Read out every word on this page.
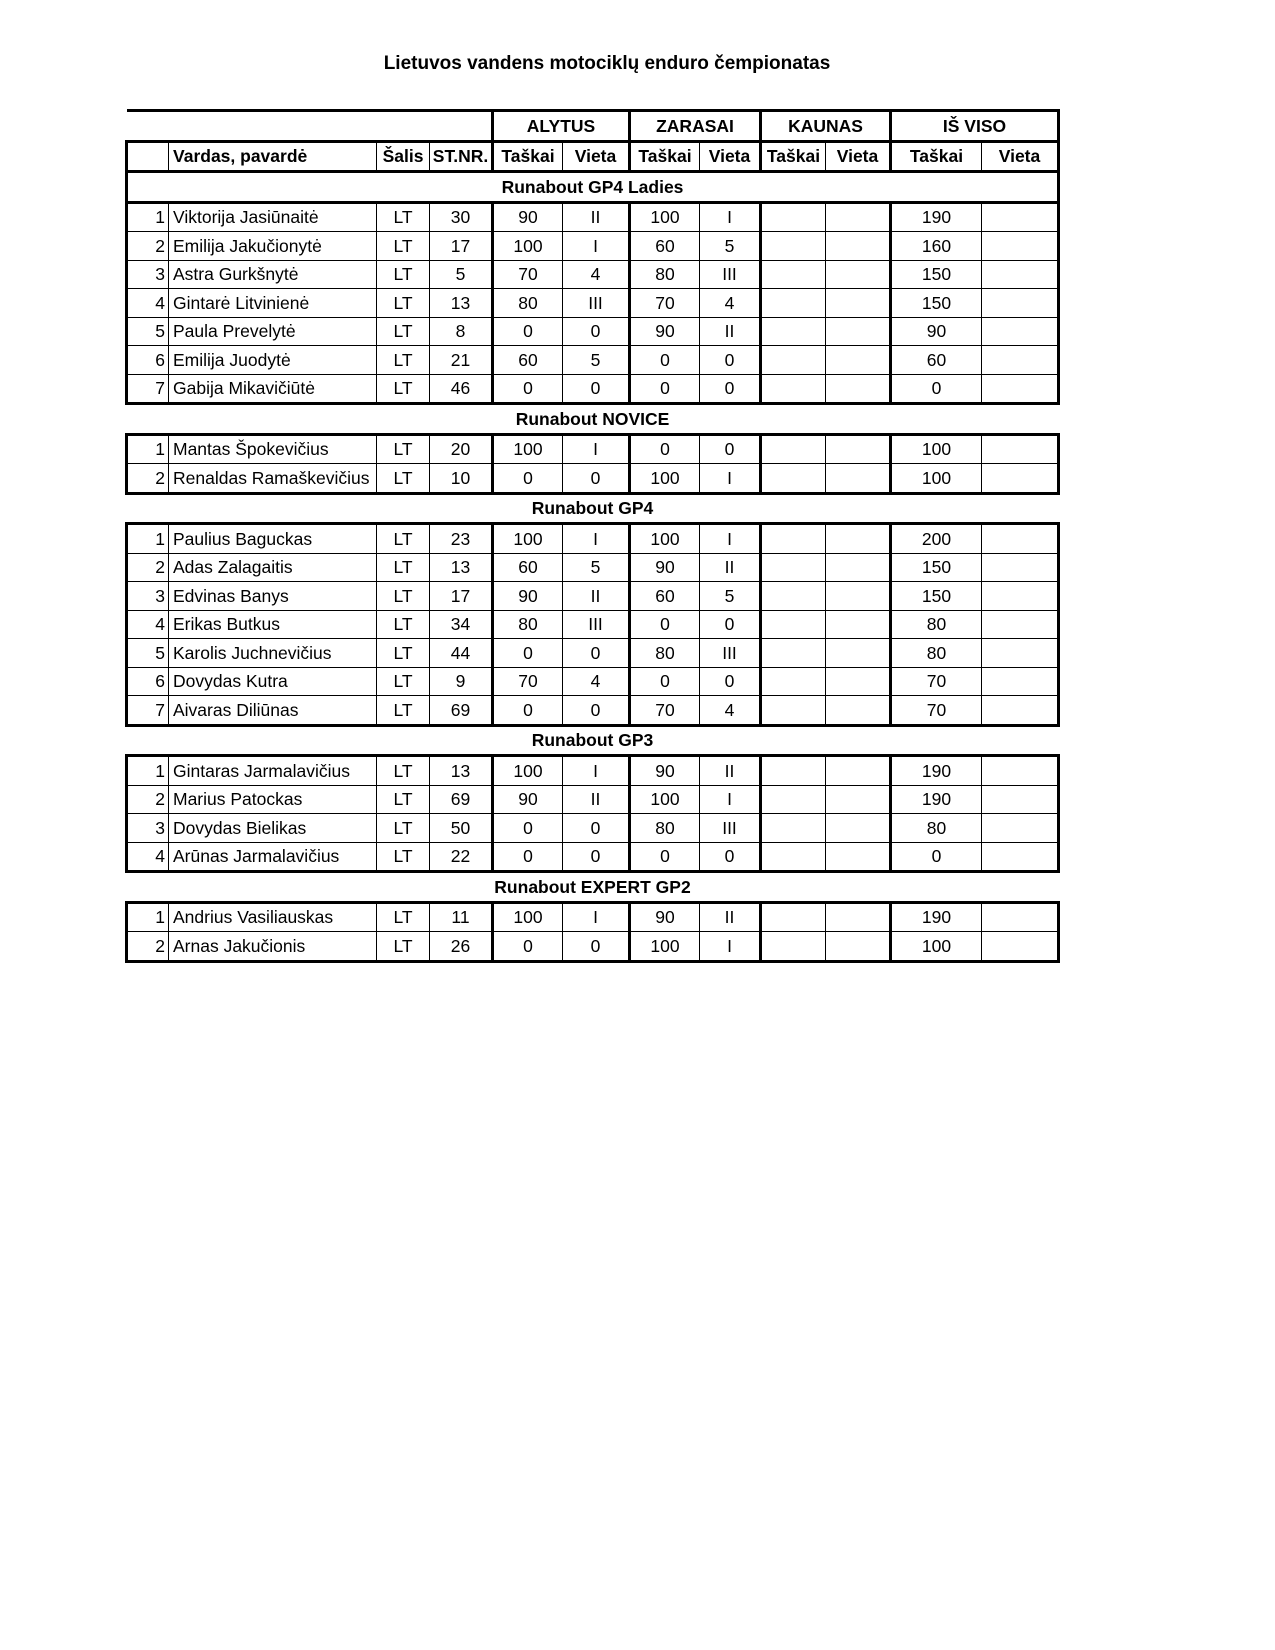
Lietuvos vandens motociklų enduro čempionatas
				ALYTUS		ZARASAI		KAUNAS		IŠ VISO	
	Vardas, pavardė	Šalis	ST.NR.	Taškai	Vieta	Taškai	Vieta	Taškai	Vieta	Taškai	Vieta
Runabout GP4 Ladies											
1	Viktorija Jasiūnaitė	LT	30	90	II	100	I			190	
2	Emilija Jakučionytė	LT	17	100	I	60	5			160	
3	Astra Gurkšnytė	LT	5	70	4	80	III			150	
4	Gintarė Litvinienė	LT	13	80	III	70	4			150	
5	Paula Prevelytė	LT	8	0	0	90	II			90	
6	Emilija Juodytė	LT	21	60	5	0	0			60	
7	Gabija Mikavičiūtė	LT	46	0	0	0	0			0	
Runabout NOVICE											
1	Mantas Špokevičius	LT	20	100	I	0	0			100	
2	Renaldas Ramaškevičius	LT	10	0	0	100	I			100	
Runabout GP4											
1	Paulius Baguckas	LT	23	100	I	100	I			200	
2	Adas Zalagaitis	LT	13	60	5	90	II			150	
3	Edvinas Banys	LT	17	90	II	60	5			150	
4	Erikas Butkus	LT	34	80	III	0	0			80	
5	Karolis Juchnevičius	LT	44	0	0	80	III			80	
6	Dovydas Kutra	LT	9	70	4	0	0			70	
7	Aivaras Diliūnas	LT	69	0	0	70	4			70	
Runabout GP3											
1	Gintaras Jarmalavičius	LT	13	100	I	90	II			190	
2	Marius Patockas	LT	69	90	II	100	I			190	
3	Dovydas Bielikas	LT	50	0	0	80	III			80	
4	Arūnas Jarmalavičius	LT	22	0	0	0	0			0	
Runabout EXPERT GP2											
1	Andrius Vasiliauskas	LT	11	100	I	90	II			190	
2	Arnas Jakučionis	LT	26	0	0	100	I			100	
